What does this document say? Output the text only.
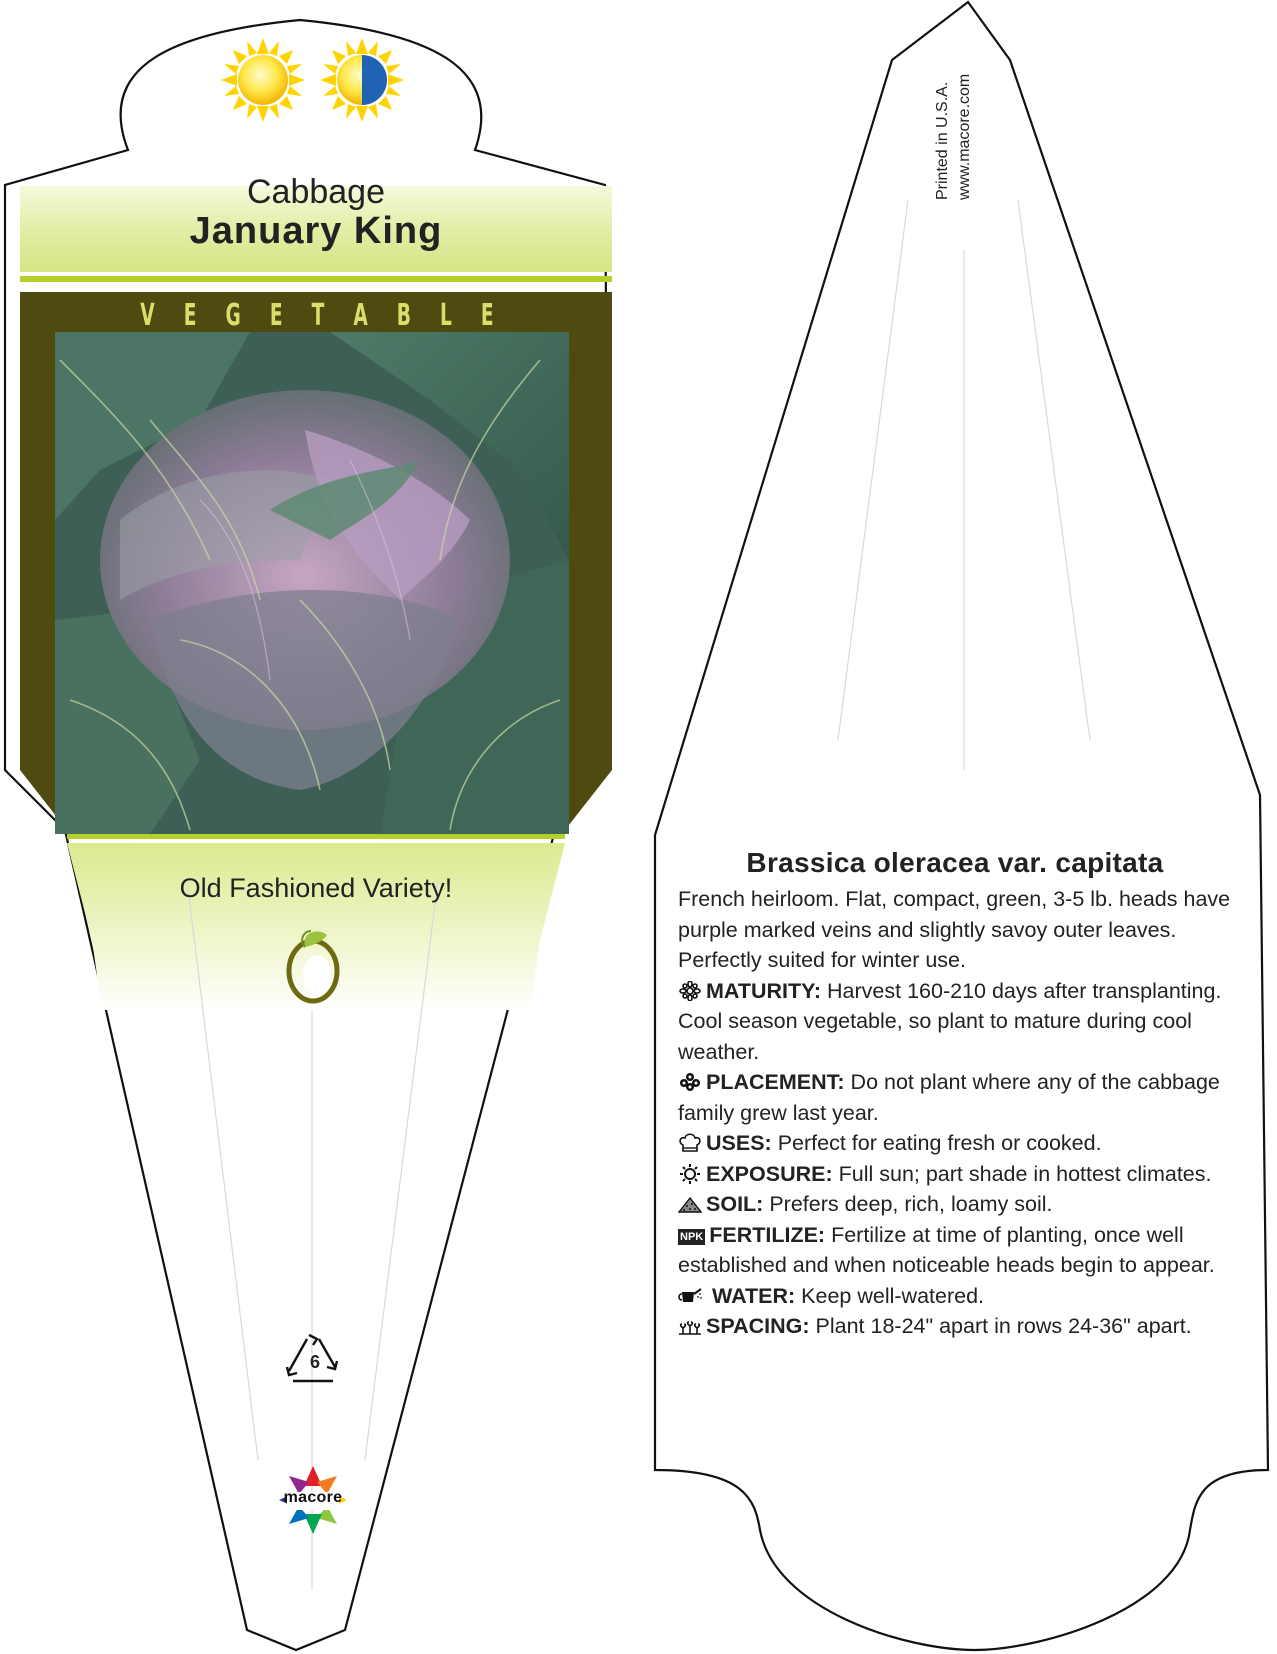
Cabbage
January King
V E G E T A B L E
Old Fashioned Variety!
6
macore
Printed in U.S.A. www.macore.com
Brassica oleracea var. capitata

French heirloom. Flat, compact, green, 3-5 lb. heads have purple marked veins and slightly savoy outer leaves. Perfectly suited for winter use.

MATURITY: Harvest 160-210 days after transplanting. Cool season vegetable, so plant to mature during cool weather.

PLACEMENT: Do not plant where any of the cabbage family grew last year.

USES: Perfect for eating fresh or cooked.

EXPOSURE: Full sun; part shade in hottest climates.

SOIL: Prefers deep, rich, loamy soil.

NPK FERTILIZE: Fertilize at time of planting, once well established and when noticeable heads begin to appear.

WATER: Keep well-watered.

SPACING: Plant 18-24" apart in rows 24-36" apart.
